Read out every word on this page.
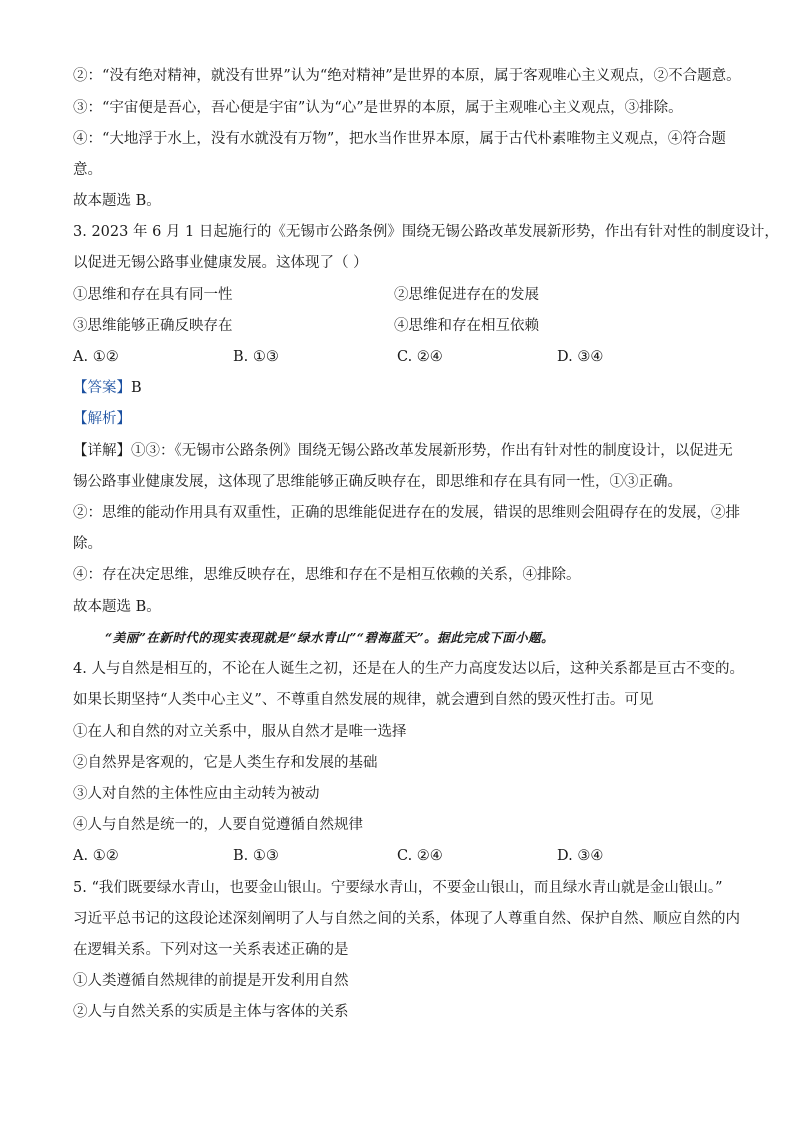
②：“没有绝对精神，就没有世界”认为“绝对精神”是世界的本原，属于客观唯心主义观点，②不合题意。
③：“宇宙便是吾心，吾心便是宇宙”认为“心”是世界的本原，属于主观唯心主义观点，③排除。
④：“大地浮于水上，没有水就没有万物”，把水当作世界本原，属于古代朴素唯物主义观点，④符合题
意。
故本题选 B。
3. 2023 年 6 月 1 日起施行的《无锡市公路条例》围绕无锡公路改革发展新形势，作出有针对性的制度设计，
以促进无锡公路事业健康发展。这体现了（ ）
①思维和存在具有同一性	②思维促进存在的发展
③思维能够正确反映存在	④思维和存在相互依赖
A. ①②	B. ①③	C. ②④	D. ③④
【答案】B
【解析】
【详解】①③：《无锡市公路条例》围绕无锡公路改革发展新形势，作出有针对性的制度设计，以促进无
锡公路事业健康发展，这体现了思维能够正确反映存在，即思维和存在具有同一性，①③正确。
②：思维的能动作用具有双重性，正确的思维能促进存在的发展，错误的思维则会阻碍存在的发展，②排
除。
④：存在决定思维，思维反映存在，思维和存在不是相互依赖的关系，④排除。
故本题选 B。
“美丽”在新时代的现实表现就是“绿水青山”“碧海蓝天”。据此完成下面小题。
4. 人与自然是相互的，不论在人诞生之初，还是在人的生产力高度发达以后，这种关系都是亘古不变的。
如果长期坚持“人类中心主义”、不尊重自然发展的规律，就会遭到自然的毁灭性打击。可见
①在人和自然的对立关系中，服从自然才是唯一选择
②自然界是客观的，它是人类生存和发展的基础
③人对自然的主体性应由主动转为被动
④人与自然是统一的，人要自觉遵循自然规律
A. ①②	B. ①③	C. ②④	D. ③④
5. “我们既要绿水青山，也要金山银山。宁要绿水青山，不要金山银山，而且绿水青山就是金山银山。”
习近平总书记的这段论述深刻阐明了人与自然之间的关系，体现了人尊重自然、保护自然、顺应自然的内
在逻辑关系。下列对这一关系表述正确的是
①人类遵循自然规律的前提是开发利用自然
②人与自然关系的实质是主体与客体的关系
